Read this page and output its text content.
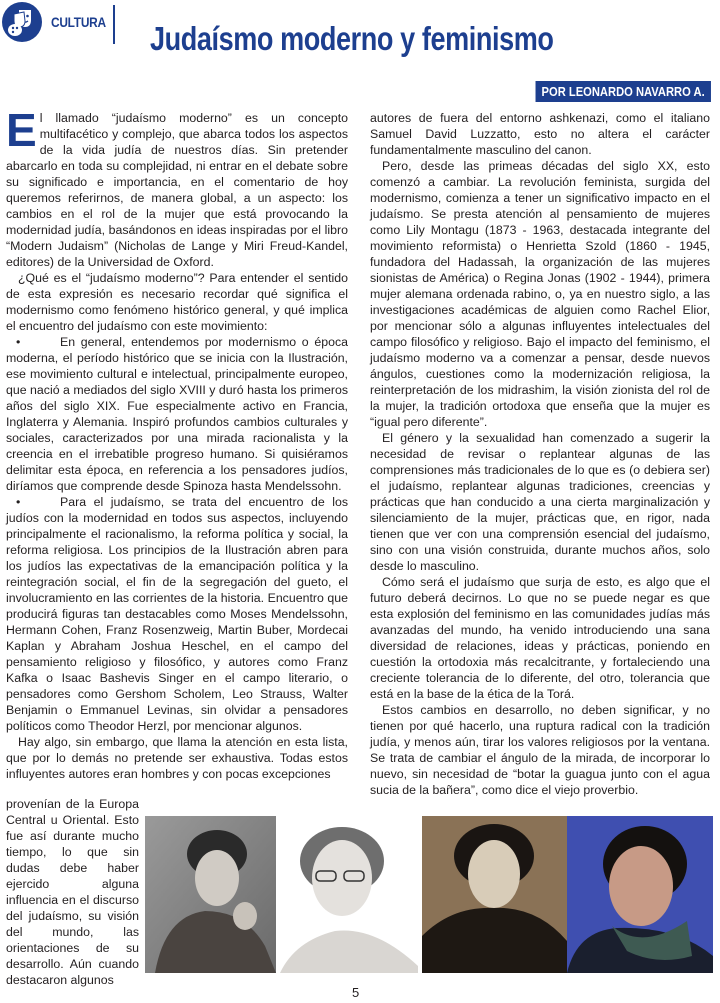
CULTURA Judaísmo moderno y feminismo
POR LEONARDO NAVARRO A.

El llamado “judaísmo moderno” es un concepto multifacético y complejo, que abarca todos los aspectos de la vida judía de nuestros días. Sin pretender abarcarlo en toda su complejidad, ni entrar en el debate sobre su significado e importancia, en el comentario de hoy queremos referirnos, de manera global, a un aspecto: los cambios en el rol de la mujer que está provocando la modernidad judía, basándonos en ideas inspiradas por el libro “Modern Judaism” (Nicholas de Lange y Miri Freud-Kandel, editores) de la Universidad de Oxford.

¿Qué es el “judaísmo moderno”? Para entender el sentido de esta expresión es necesario recordar qué significa el modernismo como fenómeno histórico general, y qué implica el encuentro del judaísmo con este movimiento:

•	En general, entendemos por modernismo o época moderna, el período histórico que se inicia con la Ilustración, ese movimiento cultural e intelectual, principalmente europeo, que nació a mediados del siglo XVIII y duró hasta los primeros años del siglo XIX. Fue especialmente activo en Francia, Inglaterra y Alemania. Inspiró profundos cambios culturales y sociales, caracterizados por una mirada racionalista y la creencia en el irrebatible progreso humano. Si quisiéramos delimitar esta época, en referencia a los pensadores judíos, diríamos que comprende desde Spinoza hasta Mendelssohn.

•	Para el judaísmo, se trata del encuentro de los judíos con la modernidad en todos sus aspectos, incluyendo principalmente el racionalismo, la reforma política y social, la reforma religiosa. Los principios de la Ilustración abren para los judíos las expectativas de la emancipación política y la reintegración social, el fin de la segregación del gueto, el involucramiento en las corrientes de la historia. Encuentro que producirá figuras tan destacables como Moses Mendelssohn, Hermann Cohen, Franz Rosenzweig, Martin Buber, Mordecai Kaplan y Abraham Joshua Heschel, en el campo del pensamiento religioso y filosófico, y autores como Franz Kafka o Isaac Bashevis Singer en el campo literario, o pensadores como Gershom Scholem, Leo Strauss, Walter Benjamin o Emmanuel Levinas, sin olvidar a pensadores políticos como Theodor Herzl, por mencionar algunos.

Hay algo, sin embargo, que llama la atención en esta lista, que por lo demás no pretende ser exhaustiva. Todas estos influyentes autores eran hombres y con pocas excepciones

provenían de la Europa Central u Oriental. Esto fue así durante mucho tiempo, lo que sin dudas debe haber ejercido alguna influencia en el discurso del judaísmo, su visión del mundo, las orientaciones de su desarrollo. Aún cuando destacaron algunos

autores de fuera del entorno ashkenazi, como el italiano Samuel David Luzzatto, esto no altera el carácter fundamentalmente masculino del canon.

Pero, desde las primeas décadas del siglo XX, esto comenzó a cambiar. La revolución feminista, surgida del modernismo, comienza a tener un significativo impacto en el judaísmo. Se presta atención al pensamiento de mujeres como Lily Montagu (1873 - 1963, destacada integrante del movimiento reformista) o Henrietta Szold (1860 - 1945, fundadora del Hadassah, la organización de las mujeres sionistas de América) o Regina Jonas (1902 - 1944), primera mujer alemana ordenada rabino, o, ya en nuestro siglo, a las investigaciones académicas de alguien como Rachel Elior, por mencionar sólo a algunas influyentes intelectuales del campo filosófico y religioso. Bajo el impacto del feminismo, el judaísmo moderno va a comenzar a pensar, desde nuevos ángulos, cuestiones como la modernización religiosa, la reinterpretación de los midrashim, la visión zionista del rol de la mujer, la tradición ortodoxa que enseña que la mujer es “igual pero diferente”.

El género y la sexualidad han comenzado a sugerir la necesidad de revisar o replantear algunas de las comprensiones más tradicionales de lo que es (o debiera ser) el judaísmo, replantear algunas tradiciones, creencias y prácticas que han conducido a una cierta marginalización y silenciamiento de la mujer, prácticas que, en rigor, nada tienen que ver con una comprensión esencial del judaísmo, sino con una visión construida, durante muchos años, solo desde lo masculino.

Cómo será el judaísmo que surja de esto, es algo que el futuro deberá decirnos. Lo que no se puede negar es que esta explosión del feminismo en las comunidades judías más avanzadas del mundo, ha venido introduciendo una sana diversidad de relaciones, ideas y prácticas, poniendo en cuestión la ortodoxia más recalcitrante, y fortaleciendo una creciente tolerancia de lo diferente, del otro, tolerancia que está en la base de la ética de la Torá.

Estos cambios en desarrollo, no deben significar, y no tienen por qué hacerlo, una ruptura radical con la tradición judía, y menos aún, tirar los valores religiosos por la ventana. Se trata de cambiar el ángulo de la mirada, de incorporar lo nuevo, sin necesidad de “botar la guagua junto con el agua sucia de la bañera”, como dice el viejo proverbio.

5
